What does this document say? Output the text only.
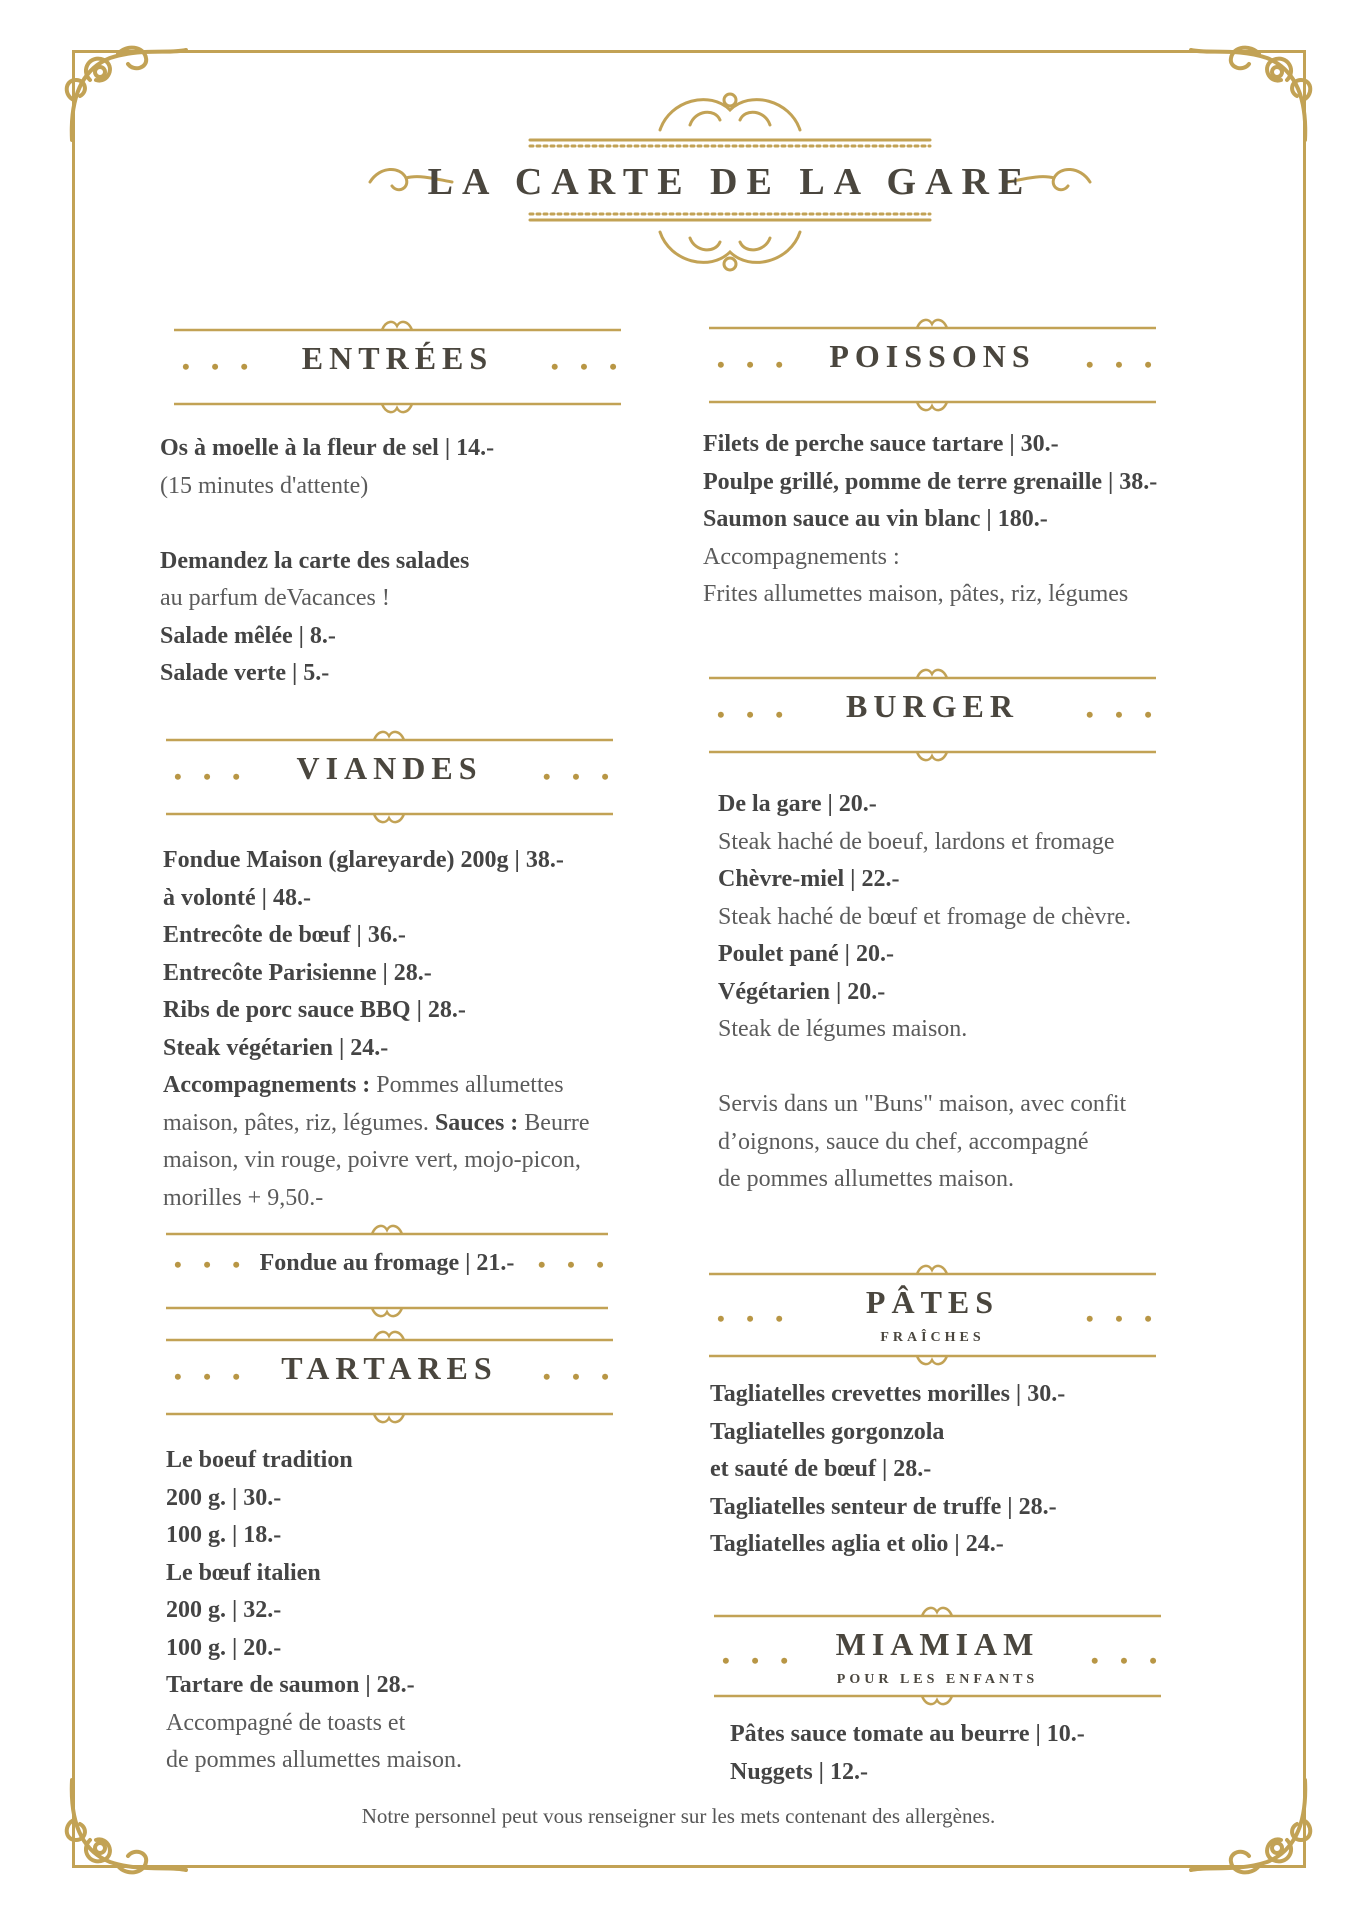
LA CARTE DE LA GARE
• • •	ENTRÉES	• • •
Os à moelle à la fleur de sel | 14.-
(15 minutes d'attente)
Demandez la carte des salades
au parfum deVacances !
Salade mêlée | 8.-
Salade verte | 5.-
• • •	VIANDES	• • •
Fondue Maison (glareyarde) 200g | 38.-
à volonté | 48.-
Entrecôte de bœuf | 36.-
Entrecôte Parisienne | 28.-
Ribs de porc sauce BBQ | 28.-
Steak végétarien | 24.-
Accompagnements : Pommes allumettes
maison, pâtes, riz, légumes. Sauces : Beurre
maison, vin rouge, poivre vert, mojo-picon,
morilles + 9,50.-
• • •	• • •
Fondue au fromage | 21.-
• • •	TARTARES	• • •
Le boeuf tradition
200 g. | 30.-
100 g. | 18.-
Le bœuf italien
200 g. | 32.-
100 g. | 20.-
Tartare de saumon | 28.-
Accompagné de toasts et
de pommes allumettes maison.
• • •	POISSONS	• • •
Filets de perche sauce tartare | 30.-
Poulpe grillé, pomme de terre grenaille | 38.-
Saumon sauce au vin blanc | 180.-
Accompagnements :
Frites allumettes maison, pâtes, riz, légumes
• • •	BURGER	• • •
De la gare | 20.-
Steak haché de boeuf, lardons et fromage
Chèvre-miel | 22.-
Steak haché de bœuf et fromage de chèvre.
Poulet pané | 20.-
Végétarien | 20.-
Steak de légumes maison.
Servis dans un "Buns" maison, avec confit
d’oignons, sauce du chef, accompagné
de pommes allumettes maison.
• • •	PÂTES
FRAÎCHES
• • •
Tagliatelles crevettes morilles | 30.-
Tagliatelles gorgonzola
et sauté de bœuf | 28.-
Tagliatelles senteur de truffe | 28.-
Tagliatelles aglia et olio | 24.-
• • •	MIAMIAM
POUR LES ENFANTS
• • •
Pâtes sauce tomate au beurre | 10.-
Nuggets | 12.-
Notre personnel peut vous renseigner sur les mets contenant des allergènes.
